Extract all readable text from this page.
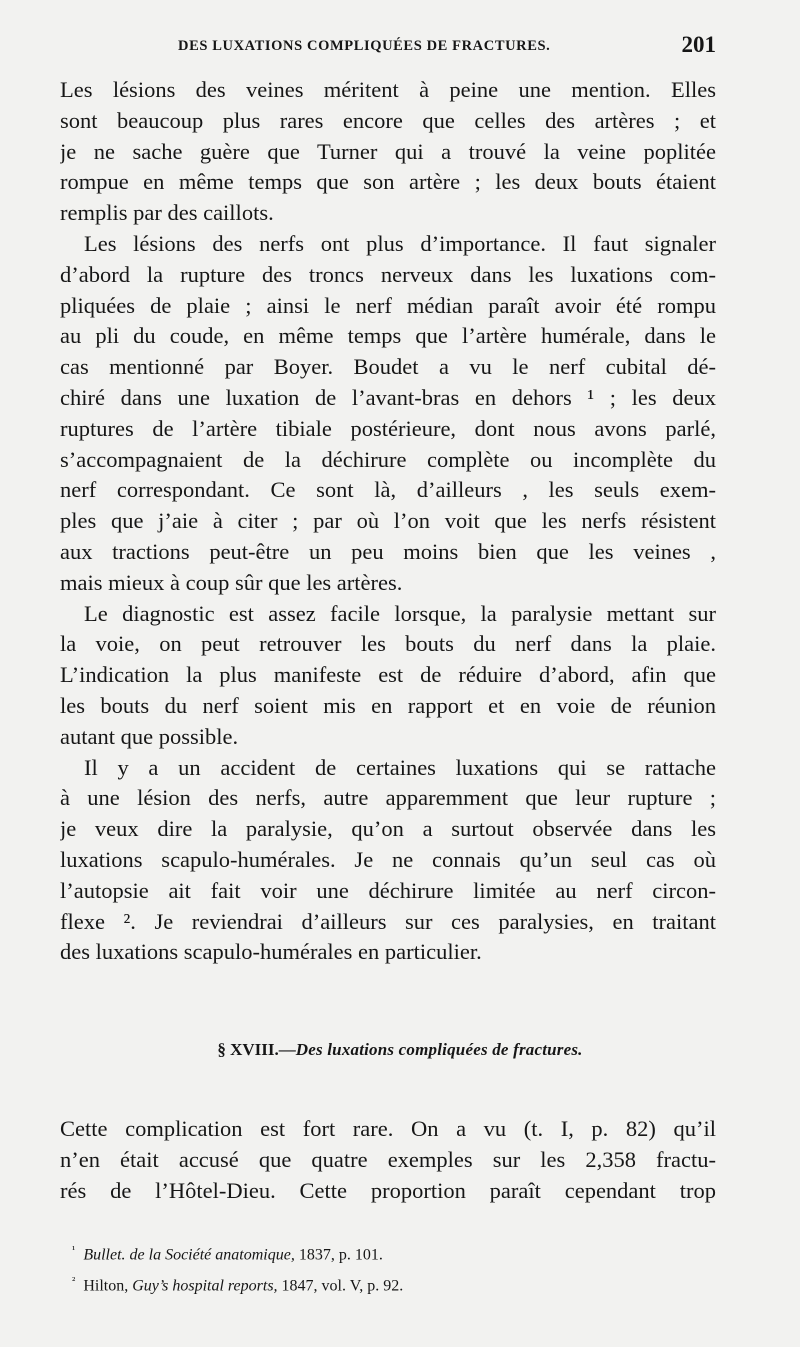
DES LUXATIONS COMPLIQUÉES DE FRACTURES.	201
Les lésions des veines méritent à peine une mention. Elles
sont beaucoup plus rares encore que celles des artères ; et
je ne sache guère que Turner qui a trouvé la veine poplitée
rompue en même temps que son artère ; les deux bouts étaient
remplis par des caillots.
Les lésions des nerfs ont plus d’importance. Il faut signaler
d’abord la rupture des troncs nerveux dans les luxations com-
pliquées de plaie ; ainsi le nerf médian paraît avoir été rompu
au pli du coude, en même temps que l’artère humérale, dans le
cas mentionné par Boyer. Boudet a vu le nerf cubital dé-
chiré dans une luxation de l’avant-bras en dehors ¹ ; les deux
ruptures de l’artère tibiale postérieure, dont nous avons parlé,
s’accompagnaient de la déchirure complète ou incomplète du
nerf correspondant. Ce sont là, d’ailleurs , les seuls exem-
ples que j’aie à citer ; par où l’on voit que les nerfs résistent
aux tractions peut-être un peu moins bien que les veines ,
mais mieux à coup sûr que les artères.
Le diagnostic est assez facile lorsque, la paralysie mettant sur
la voie, on peut retrouver les bouts du nerf dans la plaie.
L’indication la plus manifeste est de réduire d’abord, afin que
les bouts du nerf soient mis en rapport et en voie de réunion
autant que possible.
Il y a un accident de certaines luxations qui se rattache
à une lésion des nerfs, autre apparemment que leur rupture ;
je veux dire la paralysie, qu’on a surtout observée dans les
luxations scapulo-humérales. Je ne connais qu’un seul cas où
l’autopsie ait fait voir une déchirure limitée au nerf circon-
flexe ². Je reviendrai d’ailleurs sur ces paralysies, en traitant
des luxations scapulo-humérales en particulier.
§ XVIII.—Des luxations compliquées de fractures.
Cette complication est fort rare. On a vu (t. I, p. 82) qu’il
n’en était accusé que quatre exemples sur les 2,358 fractu-
rés de l’Hôtel-Dieu. Cette proportion paraît cependant trop
$^{^1}$ Bullet. de la Société anatomique, 1837, p. 101.
$^{^2}$ Hilton, Guy’s hospital reports, 1847, vol. V, p. 92.
